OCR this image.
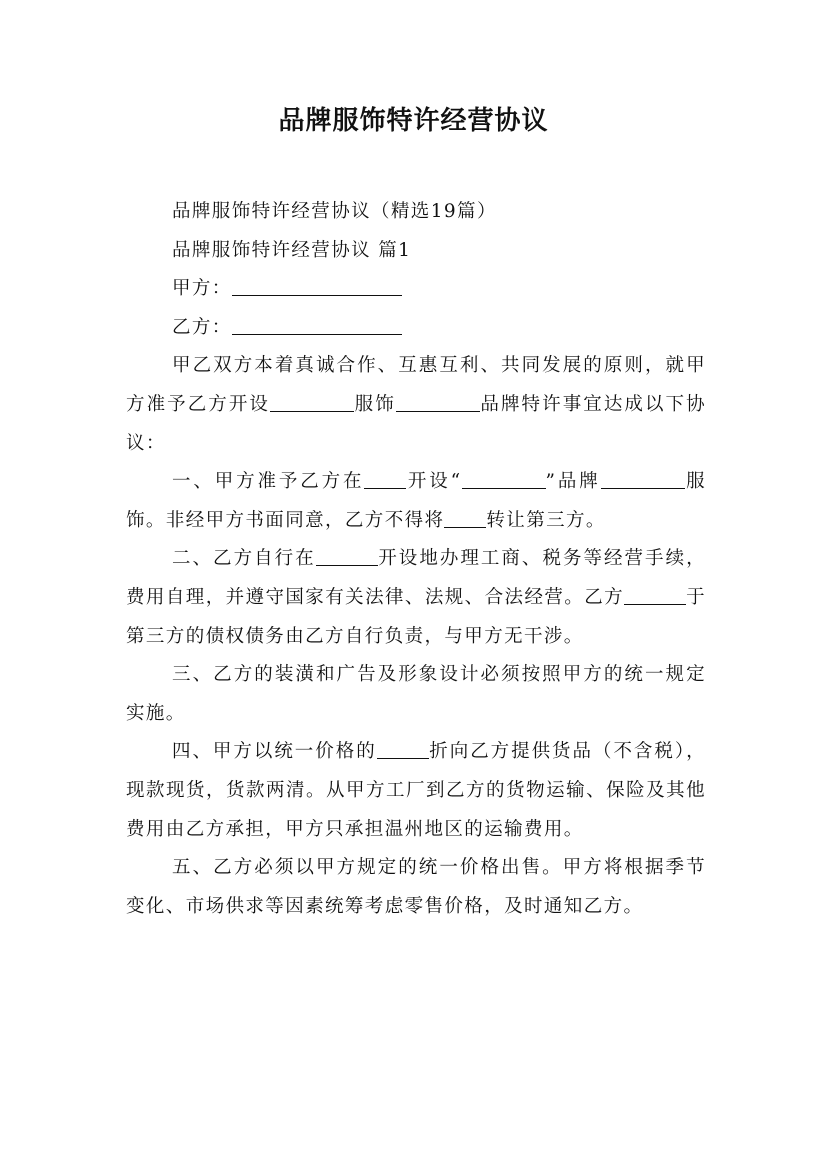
品牌服饰特许经营协议

品牌服饰特许经营协议（精选19篇）

品牌服饰特许经营协议 篇1

甲方：

乙方：

甲乙双方本着真诚合作、互惠互利、共同发展的原则，就甲方准予乙方开设	服饰	品牌特许事宜达成以下协议：

一、甲方准予乙方在 开设“	”品牌	服饰。非经甲方书面同意，乙方不得将 转让第三方。

二、乙方自行在	开设地办理工商、税务等经营手续，费用自理，并遵守国家有关法律、法规、合法经营。乙方	于第三方的债权债务由乙方自行负责，与甲方无干涉。

三、乙方的装潢和广告及形象设计必须按照甲方的统一规定实施。

四、甲方以统一价格的	折向乙方提供货品（不含税），现款现货，货款两清。从甲方工厂到乙方的货物运输、保险及其他费用由乙方承担，甲方只承担温州地区的运输费用。

五、乙方必须以甲方规定的统一价格出售。甲方将根据季节变化、市场供求等因素统筹考虑零售价格，及时通知乙方。
